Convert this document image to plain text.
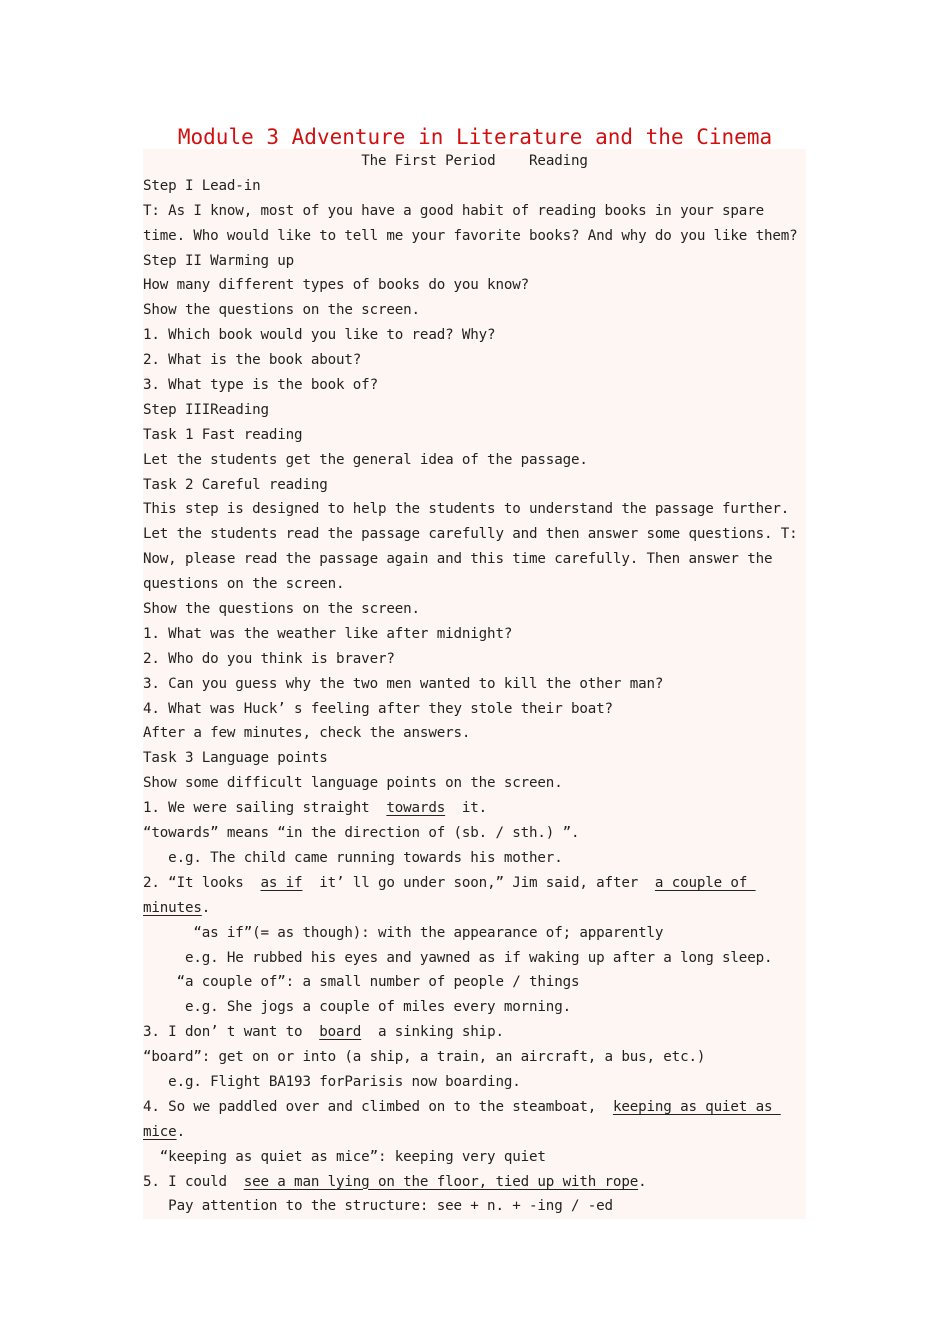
Module 3 Adventure in Literature and the Cinema
The First Period    Reading
Step I Lead-in
T: As I know, most of you have a good habit of reading books in your spare
time. Who would like to tell me your favorite books? And why do you like them?
Step II Warming up
How many different types of books do you know?
Show the questions on the screen.
1. Which book would you like to read? Why?
2. What is the book about?
3. What type is the book of?
Step IIIReading
Task 1 Fast reading
Let the students get the general idea of the passage.
Task 2 Careful reading
This step is designed to help the students to understand the passage further.
Let the students read the passage carefully and then answer some questions. T:
Now, please read the passage again and this time carefully. Then answer the
questions on the screen.
Show the questions on the screen.
1. What was the weather like after midnight?
2. Who do you think is braver?
3. Can you guess why the two men wanted to kill the other man?
4. What was Huck’ s feeling after they stole their boat?
After a few minutes, check the answers.
Task 3 Language points
Show some difficult language points on the screen.
1. We were sailing straight  towards  it.
“towards” means “in the direction of (sb. / sth.) ”.
e.g. The child came running towards his mother.
2. “It looks  as if  it’ ll go under soon,” Jim said, after  a couple of
minutes.
“as if”(= as though): with the appearance of; apparently
e.g. He rubbed his eyes and yawned as if waking up after a long sleep.
“a couple of”: a small number of people / things
e.g. She jogs a couple of miles every morning.
3. I don’ t want to  board  a sinking ship.
“board”: get on or into (a ship, a train, an aircraft, a bus, etc.)
e.g. Flight BA193 forParisis now boarding.
4. So we paddled over and climbed on to the steamboat,  keeping as quiet as
mice.
“keeping as quiet as mice”: keeping very quiet
5. I could  see a man lying on the floor, tied up with rope.
Pay attention to the structure: see + n. + -ing / -ed
